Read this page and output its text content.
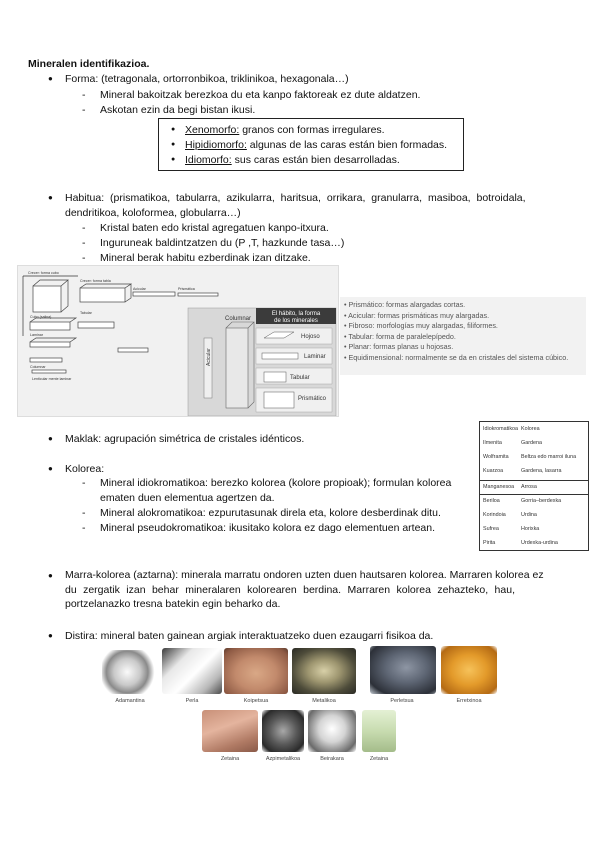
Mineralen identifikazioa.
● Forma: (tetragonala, ortorronbikoa, triklinikoa, hexagonala…)
- Mineral bakoitzak berezkoa du eta kanpo faktoreak ez dute aldatzen.
- Askotan ezin da begi bistan ikusi.
● Xenomorfo: granos con formas irregulares.
● Hipidiomorfo: algunas de las caras están bien formadas.
● Idiomorfo: sus caras están bien desarrolladas.
● Habitua: (prismatikoa, tabularra, azikularra, haritsua, orrikara, granularra, masiboa, botroidala,
dendritikoa, koloformea, globularra…)
- Kristal baten edo kristal agregatuen kanpo-itxura.
- Inguruneak baldintzatzen du (P ,T, hazkunde tasa…)
- Mineral berak habitu ezberdinak izan ditzake.
El hábito, la forma
de los minerales
Columnar
Hojoso
Laminar
Tabular
Prismático
Acicular
Crecer: forma cubo
Cubo (salina)
Crecer: forma tabla
Tabular
Laminar
Acicular	Prismática
Columnar
Lenticular mente laminar
• Prismático: formas alargadas cortas.
• Acicular: formas prismáticas muy alargadas.
• Fibroso: morfologías muy alargadas, filiformes.
• Tabular: forma de paralelepípedo.
• Planar: formas planas u hojosas.
• Equidimensional: normalmente se da en cristales del sistema cúbico.
● Maklak: agrupación simétrica de cristales idénticos.
● Kolorea:
- Mineral idiokromatikoa: berezko kolorea (kolore propioak); formulan kolorea
ematen duen elementua agertzen da.
- Mineral alokromatikoa: ezpurutasunak direla eta, kolore desberdinak ditu.
- Mineral pseudokromatikoa: ikusitako kolora ez dago elementuen artean.
Idiokromatikoa Kolorea
Ilmenita	Gardena
Wolframita Beltza edo marroi iluna
Kuarzoa	Gardena, lasarra
Manganesoa Arrosa
Beriloa	Gorria–berdexka
Korindoia	Urdina
Sufrea	Horixka
Pirita	Urdexka-urdina
● Marra-kolorea (aztarna): minerala marratu ondoren uzten duen hautsaren kolorea. Marraren kolorea ez
du zergatik izan behar mineralaren kolorearen berdina. Marraren kolorea zehazteko, hau,
portzelanazko tresna batekin egin beharko da.
● Distira: mineral baten gainean argiak interaktuatzeko duen ezaugarri fisikoa da.
Adamantina	Perla	Koipetsua	Metalikoa	Perletsua	Erretxinoa
Zetaina	Azpimetalikoa	Beirakara	Zetaina
